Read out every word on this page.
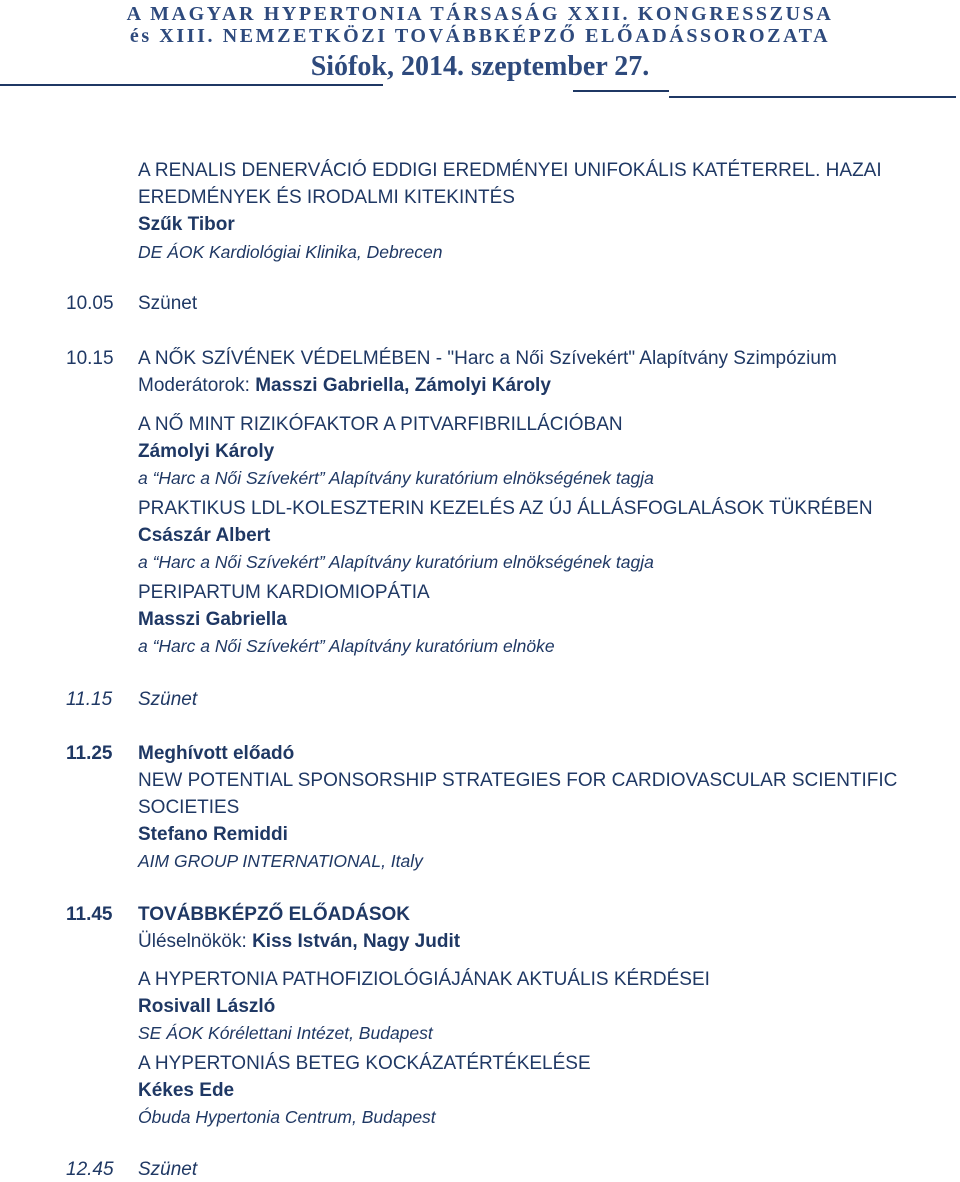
A MAGYAR HYPERTONIA TÁRSASÁG XXII. KONGRESSZUSA
és XIII. NEMZETKÖZI TOVÁBBKÉPZŐ ELŐADÁSSOROZATA
Siófok, 2014. szeptember 27.
A RENALIS DENERVÁCIÓ EDDIGI EREDMÉNYEI UNIFOKÁLIS KATÉTERREL. HAZAI
EREDMÉNYEK ÉS IRODALMI KITEKINTÉS
Szűk Tibor
DE ÁOK Kardiológiai Klinika, Debrecen
10.05 Szünet
10.15 A NŐK SZÍVÉNEK VÉDELMÉBEN - "Harc a Női Szívekért" Alapítvány Szimpózium
Moderátorok: Masszi Gabriella, Zámolyi Károly
A NŐ MINT RIZIKÓFAKTOR A PITVARFIBRILLÁCIÓBAN
Zámolyi Károly
a “Harc a Női Szívekért” Alapítvány kuratórium elnökségének tagja
PRAKTIKUS LDL-KOLESZTERIN KEZELÉS AZ ÚJ ÁLLÁSFOGLALÁSOK TÜKRÉBEN
Császár Albert
a “Harc a Női Szívekért” Alapítvány kuratórium elnökségének tagja
PERIPARTUM KARDIOMIOPÁTIA
Masszi Gabriella
a “Harc a Női Szívekért” Alapítvány kuratórium elnöke
11.15 Szünet
11.25 Meghívott előadó
NEW POTENTIAL SPONSORSHIP STRATEGIES FOR CARDIOVASCULAR SCIENTIFIC
SOCIETIES
Stefano Remiddi
AIM GROUP INTERNATIONAL, Italy
11.45 TOVÁBBKÉPZŐ ELŐADÁSOK
Üléselnökök: Kiss István, Nagy Judit
A HYPERTONIA PATHOFIZIOLÓGIÁJÁNAK AKTUÁLIS KÉRDÉSEI
Rosivall László
SE ÁOK Kórélettani Intézet, Budapest
A HYPERTONIÁS BETEG KOCKÁZATÉRTÉKELÉSE
Kékes Ede
Óbuda Hypertonia Centrum, Budapest
12.45 Szünet
